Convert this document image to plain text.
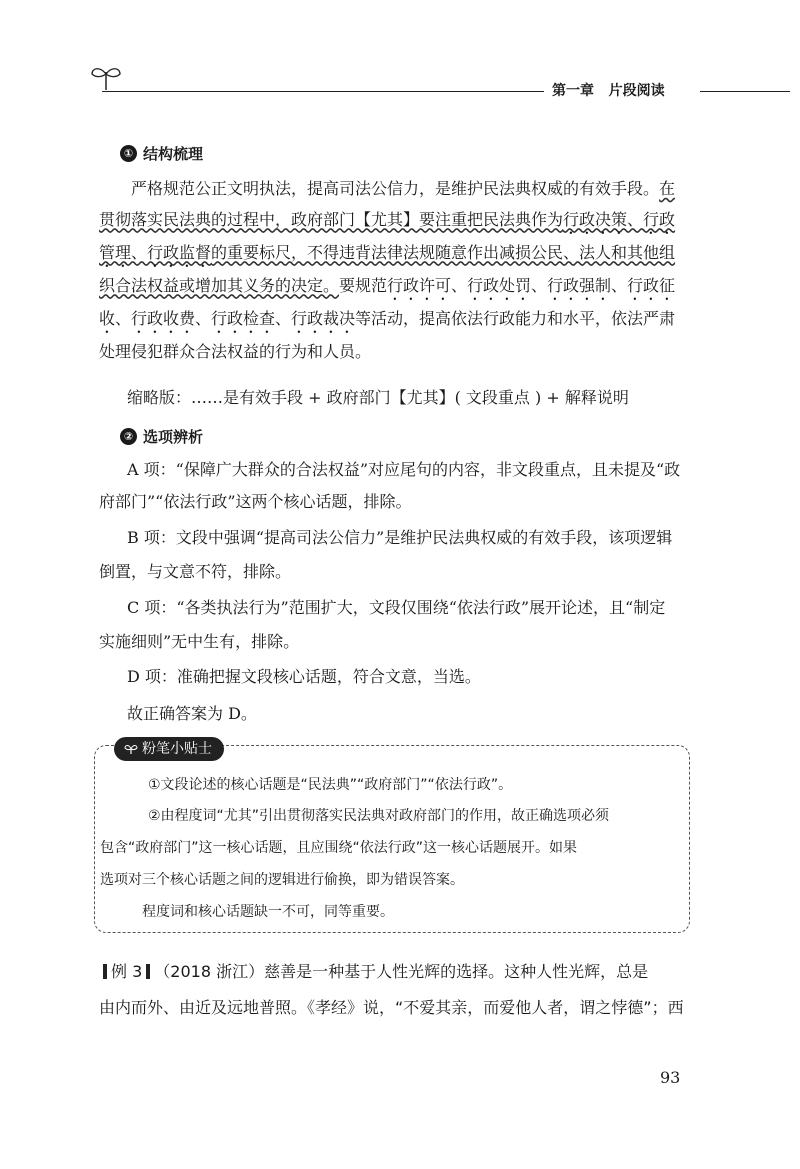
第一章 片段阅读
① 结构梳理

严格规范公正文明执法，提高司法公信力，是维护民法典权威的有效手段。在贯彻落实民法典的过程中，政府部门【尤其】要注重把民法典作为行政决策、行政管理、行政监督的重要标尺，不得违背法律法规随意作出减损公民、法人和其他组织合法权益或增加其义务的决定。要规范行政许可、行政处罚、行政强制、行政征收、行政收费、行政检查、行政裁决等活动，提高依法行政能力和水平，依法严肃处理侵犯群众合法权益的行为和人员。

缩略版：……是有效手段 + 政府部门【尤其】( 文段重点 ) + 解释说明
② 选项辨析
A 项：“保障广大群众的合法权益”对应尾句的内容，非文段重点，且未提及“政
府部门”“依法行政”这两个核心话题，排除。
B 项：文段中强调“提高司法公信力”是维护民法典权威的有效手段，该项逻辑
倒置，与文意不符，排除。
C 项：“各类执法行为”范围扩大，文段仅围绕“依法行政”展开论述，且“制定
实施细则”无中生有，排除。
D 项：准确把握文段核心话题，符合文意，当选。
故正确答案为 D。
粉笔小贴士
①文段论述的核心话题是“民法典”“政府部门”“依法行政”。
②由程度词“尤其”引出贯彻落实民法典对政府部门的作用，故正确选项必须
包含“政府部门”这一核心话题，且应围绕“依法行政”这一核心话题展开。如果
选项对三个核心话题之间的逻辑进行偷换，即为错误答案。
程度词和核心话题缺一不可，同等重要。
例 3 （2018 浙江）慈善是一种基于人性光辉的选择。这种人性光辉，总是
由内而外、由近及远地普照。《孝经》说，“不爱其亲，而爱他人者，谓之悖德”；西
93
